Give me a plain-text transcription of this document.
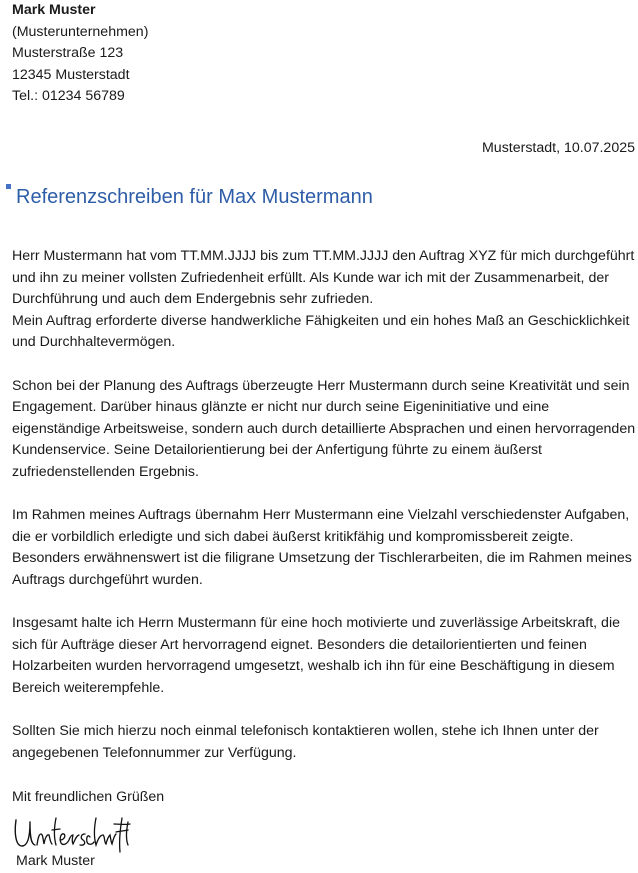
Mark Muster
(Musterunternehmen)
Musterstraße 123
12345 Musterstadt
Tel.: 01234 56789
Musterstadt, 10.07.2025
Referenzschreiben für Max Mustermann
Herr Mustermann hat vom TT.MM.JJJJ bis zum TT.MM.JJJJ den Auftrag XYZ für mich durchgeführt und ihn zu meiner vollsten Zufriedenheit erfüllt. Als Kunde war ich mit der Zusammenarbeit, der Durchführung und auch dem Endergebnis sehr zufrieden.
Mein Auftrag erforderte diverse handwerkliche Fähigkeiten und ein hohes Maß an Geschicklichkeit und Durchhaltevermögen.

Schon bei der Planung des Auftrags überzeugte Herr Mustermann durch seine Kreativität und sein Engagement. Darüber hinaus glänzte er nicht nur durch seine Eigeninitiative und eine eigenständige Arbeitsweise, sondern auch durch detaillierte Absprachen und einen hervorragenden Kundenservice. Seine Detailorientierung bei der Anfertigung führte zu einem äußerst zufriedenstellenden Ergebnis.

Im Rahmen meines Auftrags übernahm Herr Mustermann eine Vielzahl verschiedenster Aufgaben, die er vorbildlich erledigte und sich dabei äußerst kritikfähig und kompromissbereit zeigte. Besonders erwähnenswert ist die filigrane Umsetzung der Tischlerarbeiten, die im Rahmen meines Auftrags durchgeführt wurden.

Insgesamt halte ich Herrn Mustermann für eine hoch motivierte und zuverlässige Arbeitskraft, die sich für Aufträge dieser Art hervorragend eignet. Besonders die detailorientierten und feinen Holzarbeiten wurden hervorragend umgesetzt, weshalb ich ihn für eine Beschäftigung in diesem Bereich weiterempfehle.

Sollten Sie mich hierzu noch einmal telefonisch kontaktieren wollen, stehe ich Ihnen unter der angegebenen Telefonnummer zur Verfügung.

Mit freundlichen Grüßen
Mark Muster
